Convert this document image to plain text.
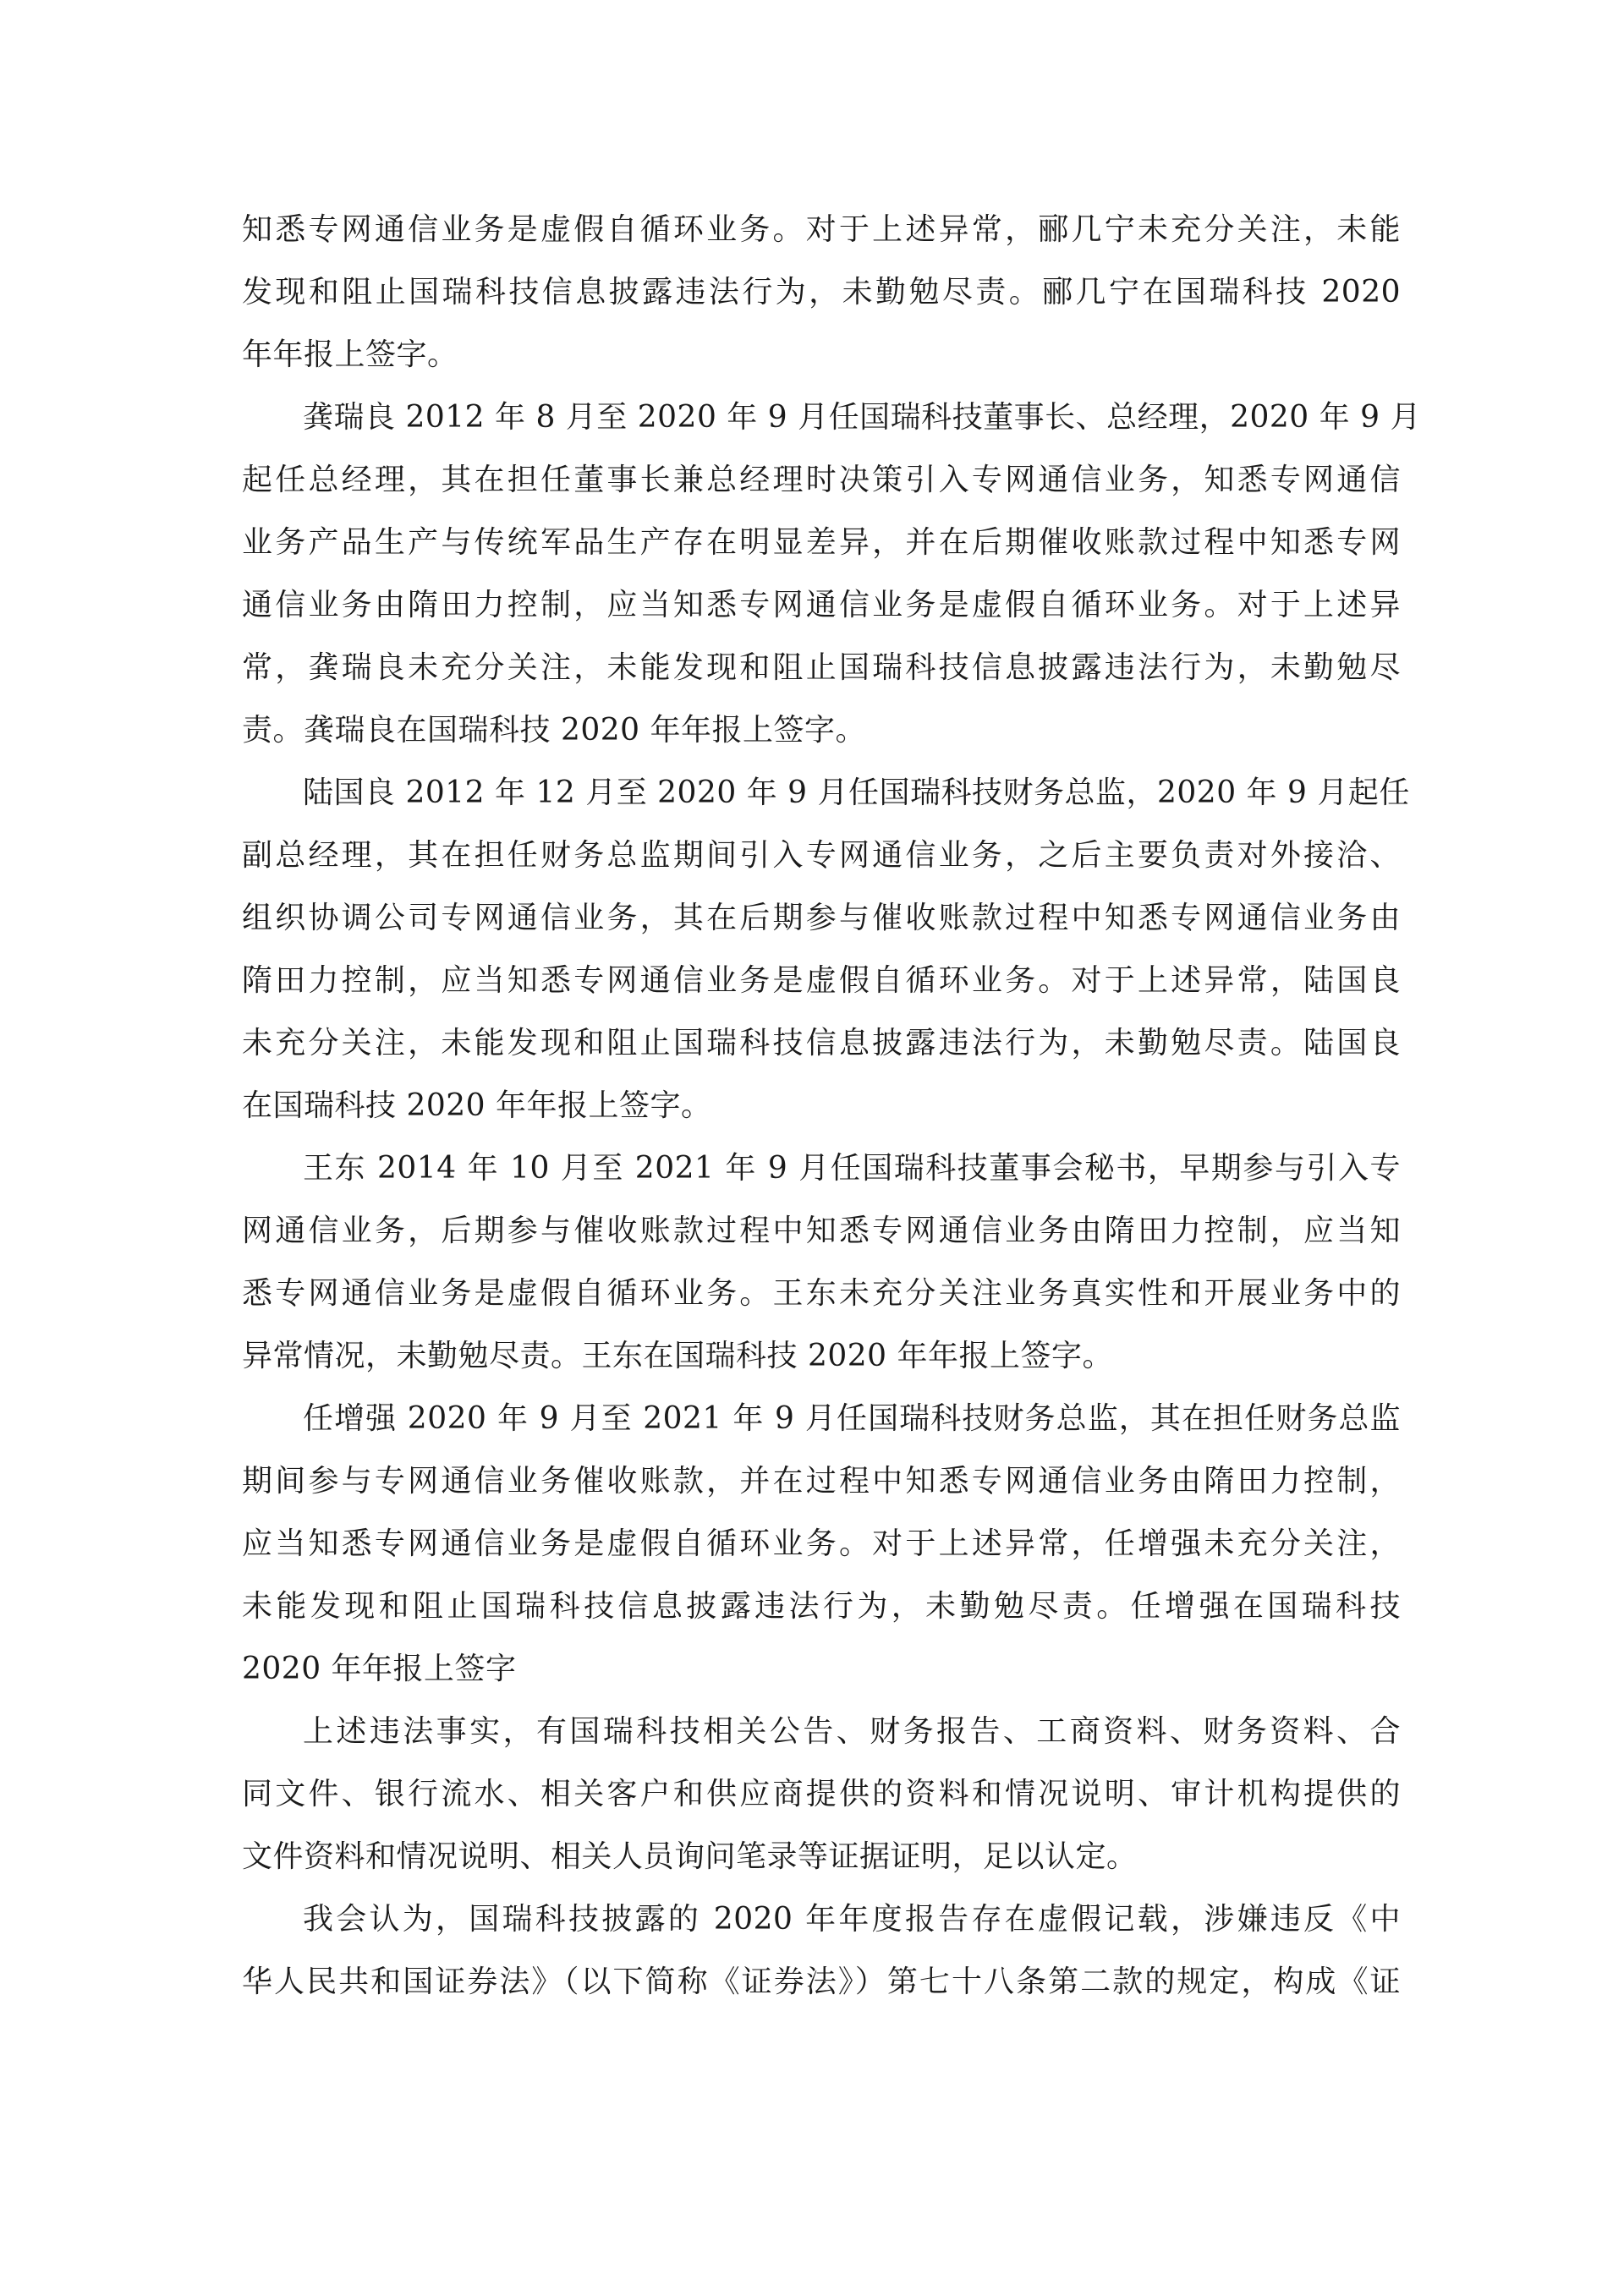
知悉专网通信业务是虚假自循环业务。对于上述异常，郦几宁未充分关注，未能
发现和阻止国瑞科技信息披露违法行为，未勤勉尽责。郦几宁在国瑞科技 2020
年年报上签字。

龚瑞良 2012 年 8 月至 2020 年 9 月任国瑞科技董事长、总经理，2020 年 9 月
起任总经理，其在担任董事长兼总经理时决策引入专网通信业务，知悉专网通信
业务产品生产与传统军品生产存在明显差异，并在后期催收账款过程中知悉专网
通信业务由隋田力控制，应当知悉专网通信业务是虚假自循环业务。对于上述异
常，龚瑞良未充分关注，未能发现和阻止国瑞科技信息披露违法行为，未勤勉尽
责。龚瑞良在国瑞科技 2020 年年报上签字。

陆国良 2012 年 12 月至 2020 年 9 月任国瑞科技财务总监，2020 年 9 月起任
副总经理，其在担任财务总监期间引入专网通信业务，之后主要负责对外接洽、
组织协调公司专网通信业务，其在后期参与催收账款过程中知悉专网通信业务由
隋田力控制，应当知悉专网通信业务是虚假自循环业务。对于上述异常，陆国良
未充分关注，未能发现和阻止国瑞科技信息披露违法行为，未勤勉尽责。陆国良
在国瑞科技 2020 年年报上签字。

王东 2014 年 10 月至 2021 年 9 月任国瑞科技董事会秘书，早期参与引入专
网通信业务，后期参与催收账款过程中知悉专网通信业务由隋田力控制，应当知
悉专网通信业务是虚假自循环业务。王东未充分关注业务真实性和开展业务中的
异常情况，未勤勉尽责。王东在国瑞科技 2020 年年报上签字。

任增强 2020 年 9 月至 2021 年 9 月任国瑞科技财务总监，其在担任财务总监
期间参与专网通信业务催收账款，并在过程中知悉专网通信业务由隋田力控制，
应当知悉专网通信业务是虚假自循环业务。对于上述异常，任增强未充分关注，
未能发现和阻止国瑞科技信息披露违法行为，未勤勉尽责。任增强在国瑞科技
2020 年年报上签字

上述违法事实，有国瑞科技相关公告、财务报告、工商资料、财务资料、合
同文件、银行流水、相关客户和供应商提供的资料和情况说明、审计机构提供的
文件资料和情况说明、相关人员询问笔录等证据证明，足以认定。

我会认为，国瑞科技披露的 2020 年年度报告存在虚假记载，涉嫌违反《中
华人民共和国证券法》（以下简称《证券法》）第七十八条第二款的规定，构成《证
